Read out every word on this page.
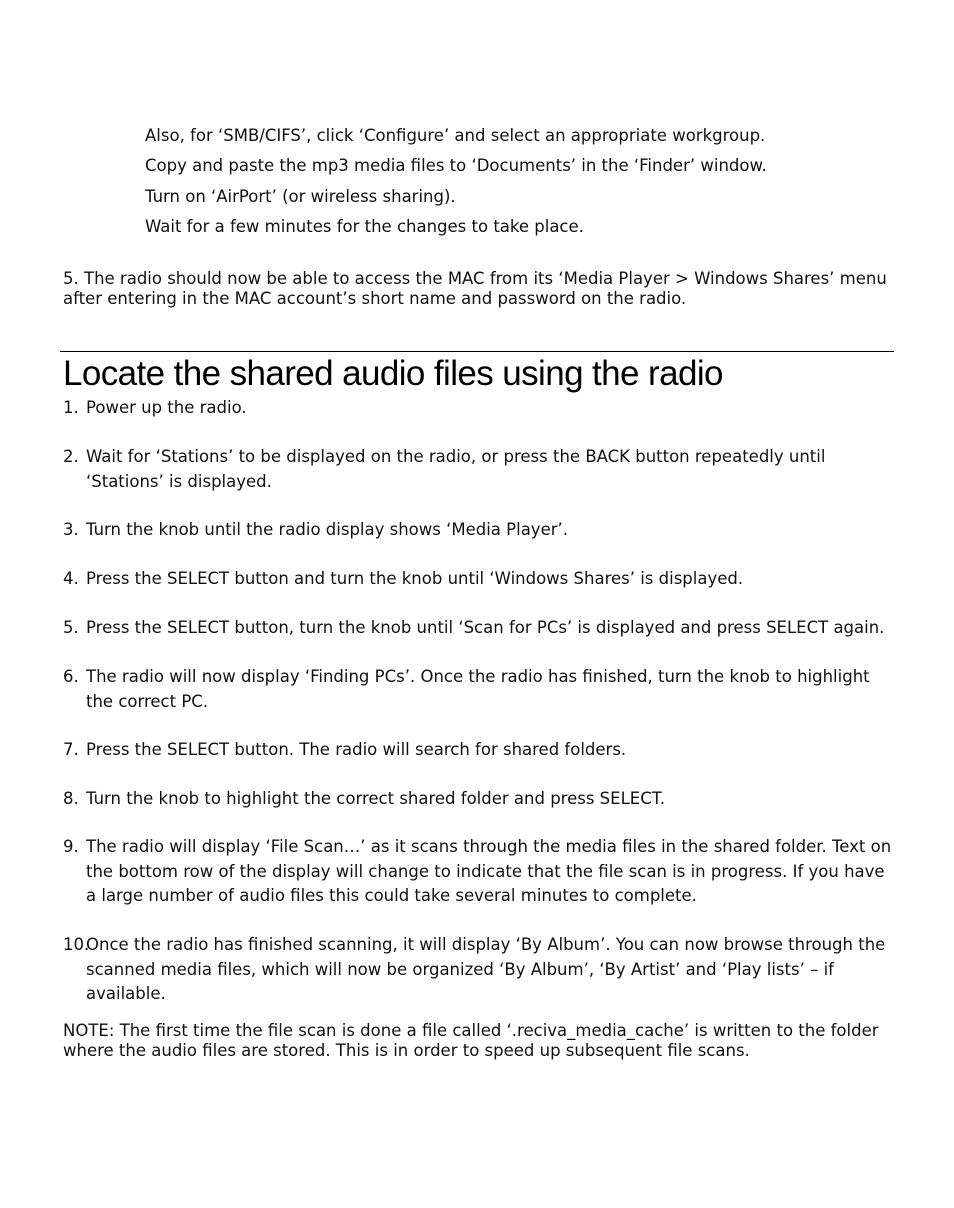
Also, for ‘SMB/CIFS’, click ‘Configure’ and select an appropriate workgroup.

Copy and paste the mp3 media files to ‘Documents’ in the ‘Finder’ window.

Turn on ‘AirPort’ (or wireless sharing).

Wait for a few minutes for the changes to take place.

5. The radio should now be able to access the MAC from its ‘Media Player > Windows Shares’ menu after entering in the MAC account’s short name and password on the radio.

Locate the shared audio files using the radio
1. Power up the radio.
2. Wait for ‘Stations’ to be displayed on the radio, or press the BACK button repeatedly until ‘Stations’ is displayed.
3. Turn the knob until the radio display shows ‘Media Player’.
4. Press the SELECT button and turn the knob until ‘Windows Shares’ is displayed.
5. Press the SELECT button, turn the knob until ‘Scan for PCs’ is displayed and press SELECT again.
6. The radio will now display ‘Finding PCs’. Once the radio has finished, turn the knob to highlight the correct PC.
7. Press the SELECT button. The radio will search for shared folders.
8. Turn the knob to highlight the correct shared folder and press SELECT.
9. The radio will display ‘File Scan…’ as it scans through the media files in the shared folder. Text on the bottom row of the display will change to indicate that the file scan is in progress. If you have a large number of audio files this could take several minutes to complete.
10.
Once the radio has finished scanning, it will display ‘By Album’. You can now browse through the scanned media files, which will now be organized ‘By Album’, ‘By Artist’ and ‘Play lists’ – if available.

NOTE: The first time the file scan is done a file called ‘.reciva_media_cache’ is written to the folder where the audio files are stored. This is in order to speed up subsequent file scans.
